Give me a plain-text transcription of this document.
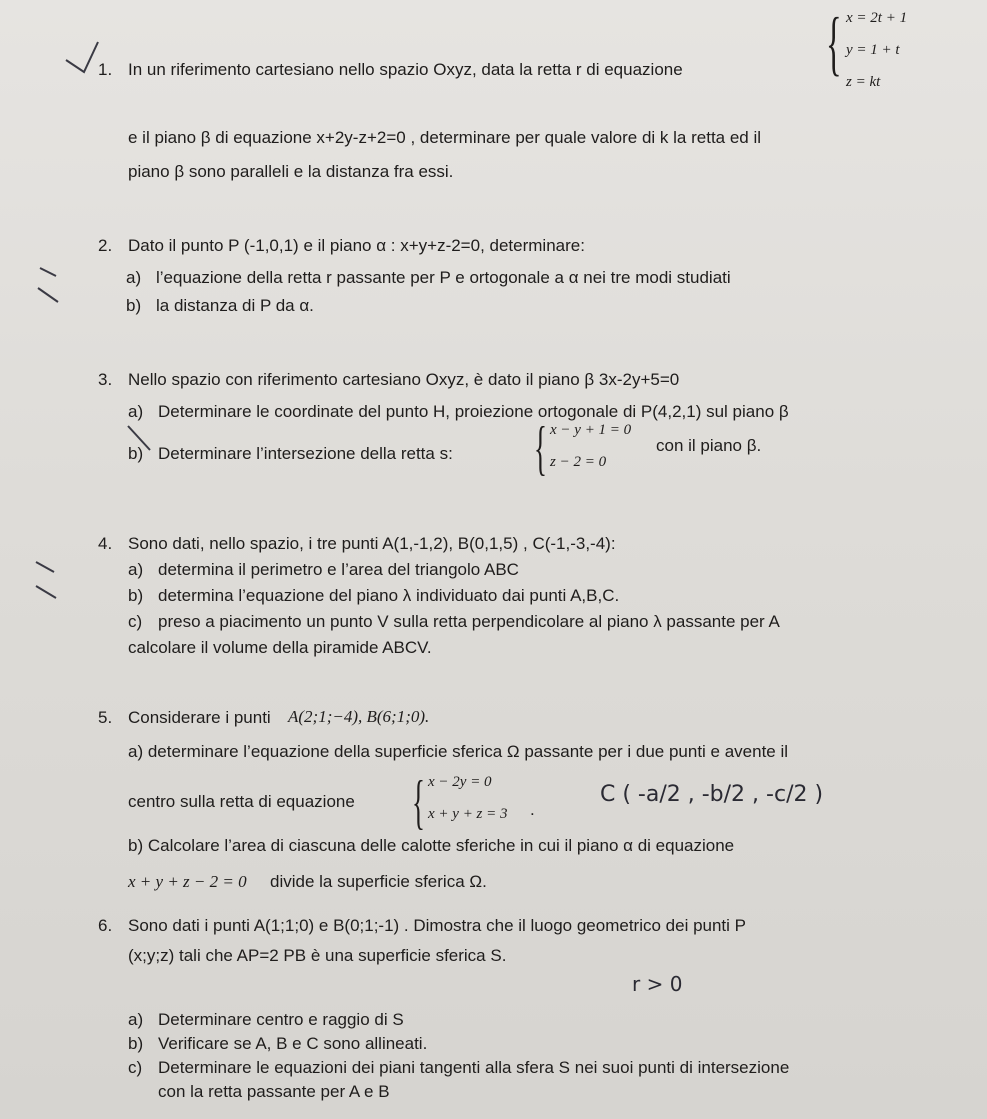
1. In un riferimento cartesiano nello spazio Oxyz, data la retta r di equazione { x = 2t + 1
y = 1 + t
z = kt
e il piano β di equazione x+2y-z+2=0 , determinare per quale valore di k la retta ed il
piano β sono paralleli e la distanza fra essi.
2. Dato il punto P (-1,0,1) e il piano α : x+y+z-2=0, determinare:
a) l’equazione della retta r passante per P e ortogonale a α nei tre modi studiati
b) la distanza di P da α.
3. Nello spazio con riferimento cartesiano Oxyz, è dato il piano β 3x-2y+5=0
a) Determinare le coordinate del punto H, proiezione ortogonale di P(4,2,1) sul piano β
b) Determinare l’intersezione della retta s: { x − y + 1 = 0
z − 2 = 0
con il piano β.
4. Sono dati, nello spazio, i tre punti A(1,-1,2), B(0,1,5) , C(-1,-3,-4):
a) determina il perimetro e l’area del triangolo ABC
b) determina l’equazione del piano λ individuato dai punti A,B,C.
c) preso a piacimento un punto V sulla retta perpendicolare al piano λ passante per A
calcolare il volume della piramide ABCV.
5. Considerare i punti A(2;1;−4), B(6;1;0).
a) determinare l’equazione della superficie sferica Ω passante per i due punti e avente il
centro sulla retta di equazione { x − 2y = 0
x + y + z = 3 .
C ( -a/2 , -b/2 , -c/2 )
b) Calcolare l’area di ciascuna delle calotte sferiche in cui il piano α di equazione
x + y + z − 2 = 0 divide la superficie sferica Ω.
6. Sono dati i punti A(1;1;0) e B(0;1;-1) . Dimostra che il luogo geometrico dei punti P
(x;y;z) tali che AP=2 PB è una superficie sferica S.
r > 0
a) Determinare centro e raggio di S
b) Verificare se A, B e C sono allineati.
c) Determinare le equazioni dei piani tangenti alla sfera S nei suoi punti di intersezione
con la retta passante per A e B
